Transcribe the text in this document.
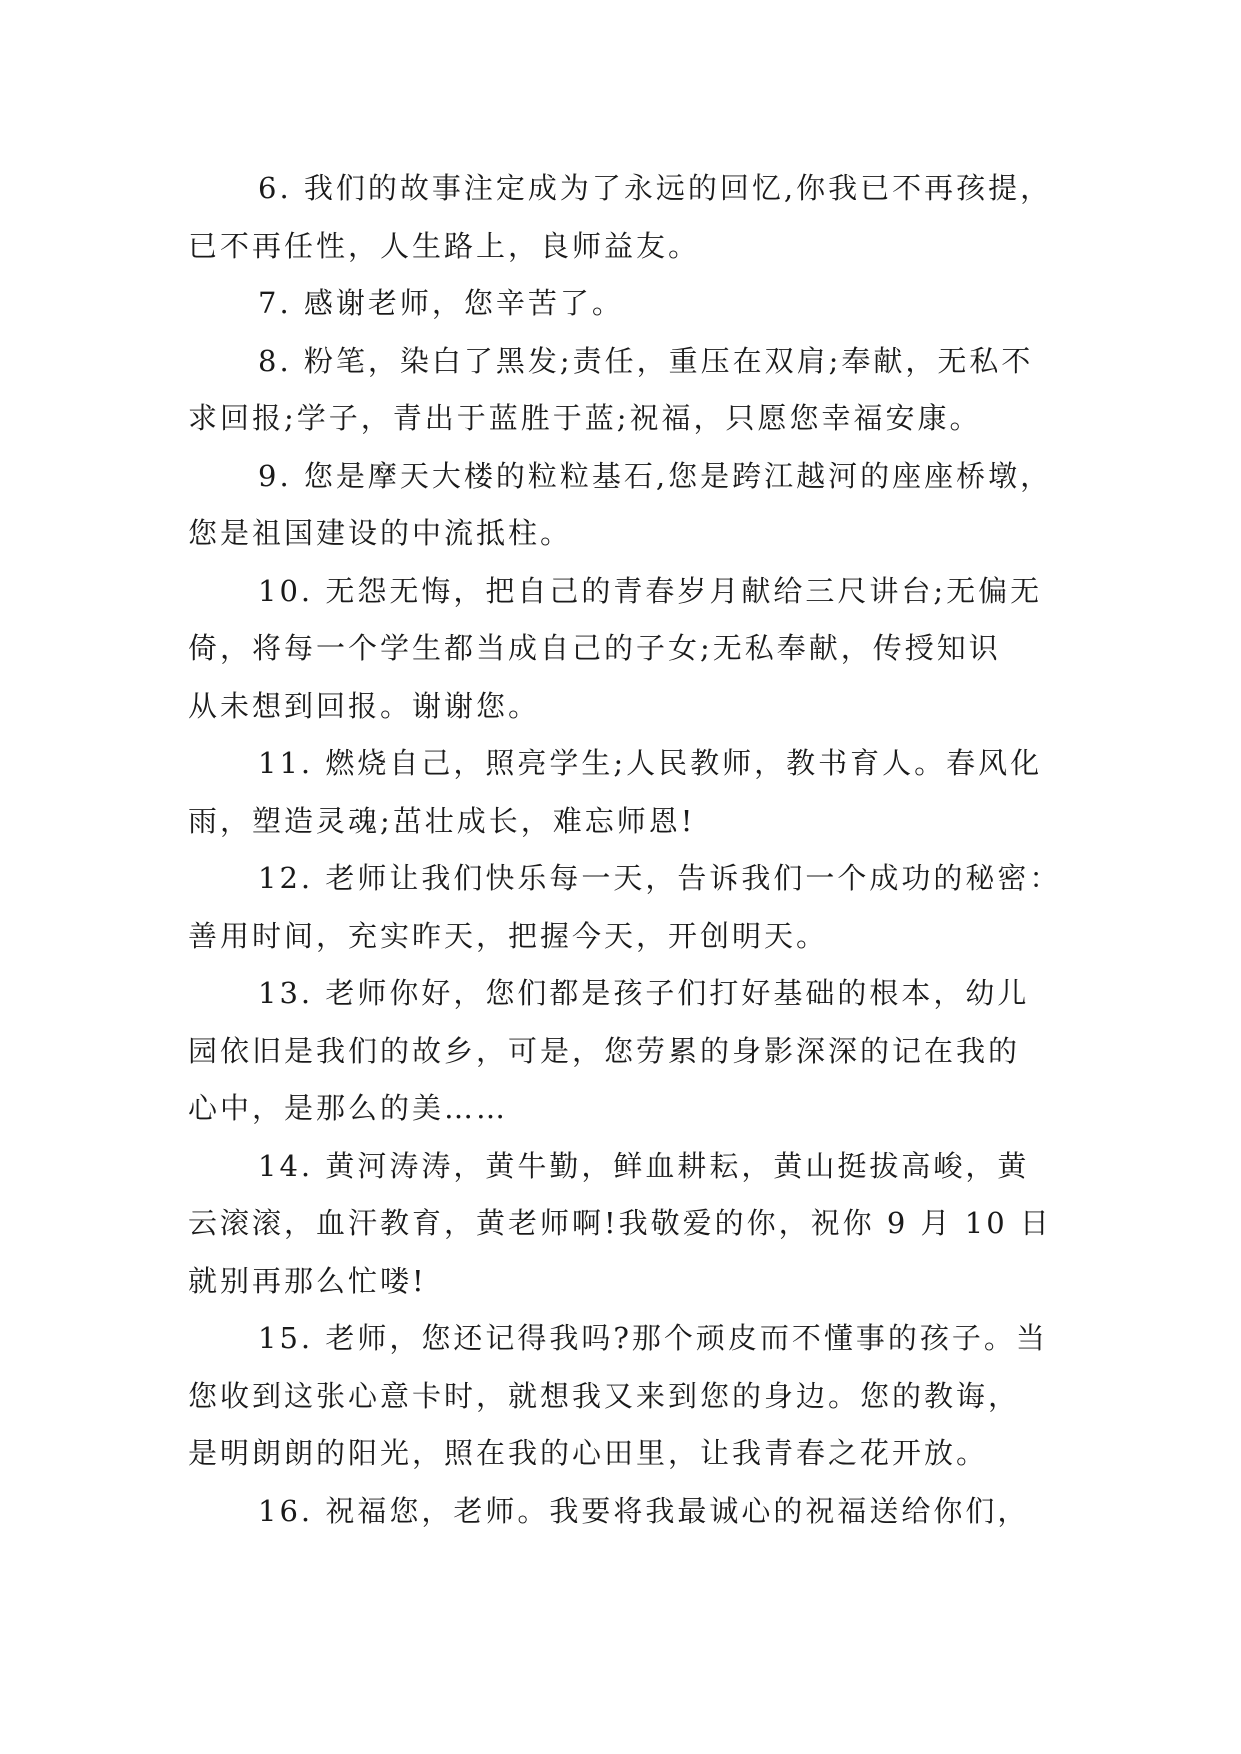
6. 我们的故事注定成为了永远的回忆,你我已不再孩提，
已不再任性，人生路上，良师益友。

7. 感谢老师，您辛苦了。

8. 粉笔，染白了黑发;责任，重压在双肩;奉献，无私不
求回报;学子，青出于蓝胜于蓝;祝福，只愿您幸福安康。

9. 您是摩天大楼的粒粒基石,您是跨江越河的座座桥墩，
您是祖国建设的中流抵柱。

10. 无怨无悔，把自己的青春岁月献给三尺讲台;无偏无
倚，将每一个学生都当成自己的子女;无私奉献，传授知识
从未想到回报。谢谢您。

11. 燃烧自己，照亮学生;人民教师，教书育人。春风化
雨，塑造灵魂;茁壮成长，难忘师恩!

12. 老师让我们快乐每一天，告诉我们一个成功的秘密：
善用时间，充实昨天，把握今天，开创明天。

13. 老师你好，您们都是孩子们打好基础的根本，幼儿
园依旧是我们的故乡，可是，您劳累的身影深深的记在我的
心中，是那么的美……

14. 黄河涛涛，黄牛勤，鲜血耕耘，黄山挺拔高峻，黄
云滚滚，血汗教育，黄老师啊!我敬爱的你，祝你 9 月 10 日
就别再那么忙喽!

15. 老师，您还记得我吗?那个顽皮而不懂事的孩子。当
您收到这张心意卡时，就想我又来到您的身边。您的教诲，
是明朗朗的阳光，照在我的心田里，让我青春之花开放。

16. 祝福您，老师。我要将我最诚心的祝福送给你们，
